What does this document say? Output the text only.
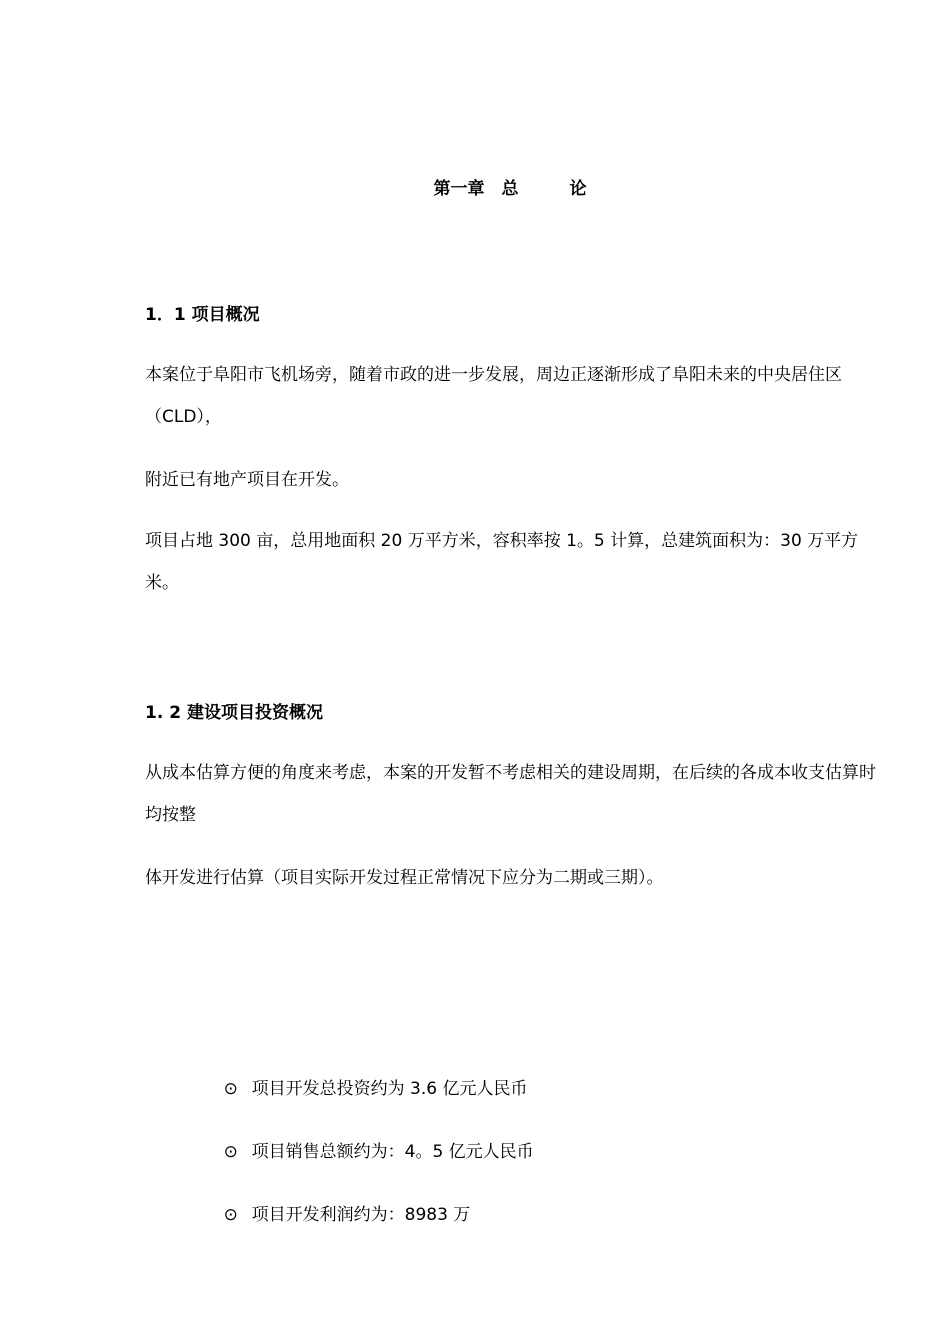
第一章　总　　　论
1．1 项目概况
本案位于阜阳市飞机场旁，随着市政的进一步发展，周边正逐渐形成了阜阳未来的中央居住区（CLD），
附近已有地产项目在开发。
项目占地 300 亩，总用地面积 20 万平方米，容积率按 1。5 计算，总建筑面积为：30 万平方米。
1. 2 建设项目投资概况
从成本估算方便的角度来考虑，本案的开发暂不考虑相关的建设周期，在后续的各成本收支估算时均按整
体开发进行估算（项目实际开发过程正常情况下应分为二期或三期）。

⊙ 项目开发总投资约为 3.6 亿元人民币

⊙ 项目销售总额约为：4。5 亿元人民币

⊙ 项目开发利润约为：8983 万
